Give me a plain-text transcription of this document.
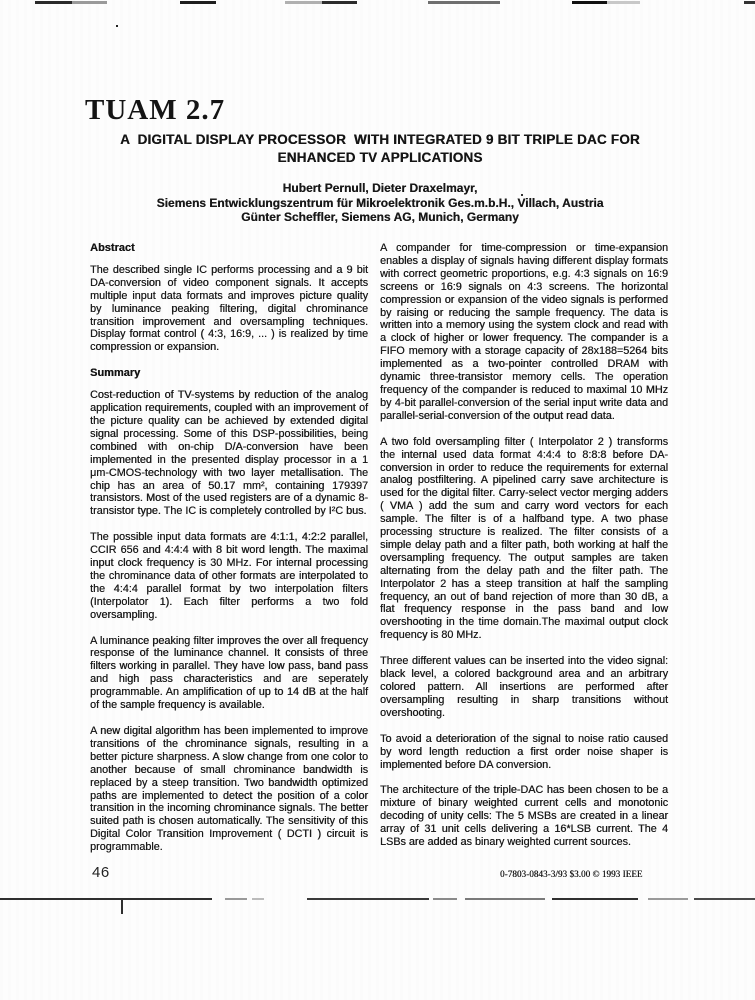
TUAM 2.7
A  DIGITAL DISPLAY PROCESSOR  WITH INTEGRATED 9 BIT TRIPLE DAC FOR
ENHANCED TV APPLICATIONS
Hubert Pernull, Dieter Draxelmayr,
Siemens Entwicklungszentrum für Mikroelektronik Ges.m.b.H., Villach, Austria
Günter Scheffler, Siemens AG, Munich, Germany
Abstract

The described single IC performs processing and a 9 bit DA-conversion of video component signals. It accepts multiple input data formats and improves picture quality by luminance peaking filtering, digital chrominance transition improvement and oversampling techniques. Display format control ( 4:3, 16:9, ... ) is realized by time compression or expansion.

Summary

Cost-reduction of TV-systems by reduction of the analog application requirements, coupled with an improvement of the picture quality can be achieved by extended digital signal processing. Some of this DSP-possibilities, being combined with on-chip D/A-conversion have been implemented in the presented display processor in a 1 μm-CMOS-technology with two layer metallisation. The chip has an area of 50.17 mm², containing 179397 transistors. Most of the used registers are of a dynamic 8-transistor type. The IC is completely controlled by I²C bus.

The possible input data formats are 4:1:1, 4:2:2 parallel, CCIR 656 and 4:4:4 with 8 bit word length. The maximal input clock frequency is 30 MHz. For internal processing the chrominance data of other formats are interpolated to the 4:4:4 parallel format by two interpolation filters (Interpolator 1). Each filter performs a two fold oversampling.

A luminance peaking filter improves the over all frequency response of the luminance channel. It consists of three filters working in parallel. They have low pass, band pass and high pass characteristics and are seperately programmable. An amplification of up to 14 dB at the half of the sample frequency is available.

A new digital algorithm has been implemented to improve transitions of the chrominance signals, resulting in a better picture sharpness. A slow change from one color to another because of small chrominance bandwidth is replaced by a steep transition. Two bandwidth optimized paths are implemented to detect the position of a color transition in the incoming chrominance signals. The better suited path is chosen automatically. The sensitivity of this Digital Color Transition Improvement ( DCTI ) circuit is programmable.

A compander for time-compression or time-expansion enables a display of signals having different display formats with correct geometric proportions, e.g. 4:3 signals on 16:9 screens or 16:9 signals on 4:3 screens. The horizontal compression or expansion of the video signals is performed by raising or reducing the sample frequency. The data is written into a memory using the system clock and read with a clock of higher or lower frequency. The compander is a FIFO memory with a storage capacity of 28x188=5264 bits implemented as a two-pointer controlled DRAM with dynamic three-transistor memory cells. The operation frequency of the compander is reduced to maximal 10 MHz by 4-bit parallel-conversion of the serial input write data and parallel-serial-conversion of the output read data.

A two fold oversampling filter ( Interpolator 2 ) transforms the internal used data format 4:4:4 to 8:8:8 before DA-conversion in order to reduce the requirements for external analog postfiltering. A pipelined carry save architecture is used for the digital filter. Carry-select vector merging adders ( VMA ) add the sum and carry word vectors for each sample. The filter is of a halfband type. A two phase processing structure is realized. The filter consists of a simple delay path and a filter path, both working at half the oversampling frequency. The output samples are taken alternating from the delay path and the filter path. The Interpolator 2 has a steep transition at half the sampling frequency, an out of band rejection of more than 30 dB, a flat frequency response in the pass band and low overshooting in the time domain.The maximal output clock frequency is 80 MHz.

Three different values can be inserted into the video signal: black level, a colored background area and an arbitrary colored pattern. All insertions are performed after oversampling resulting in sharp transitions without overshooting.

To avoid a deterioration of the signal to noise ratio caused by word length reduction a first order noise shaper is implemented before DA conversion.

The architecture of the triple-DAC has been chosen to be a mixture of binary weighted current cells and monotonic decoding of unity cells: The 5 MSBs are created in a linear array of 31 unit cells delivering a 16*LSB current. The 4 LSBs are added as binary weighted current sources.

46	0-7803-0843-3/93 $3.00 © 1993 IEEE
